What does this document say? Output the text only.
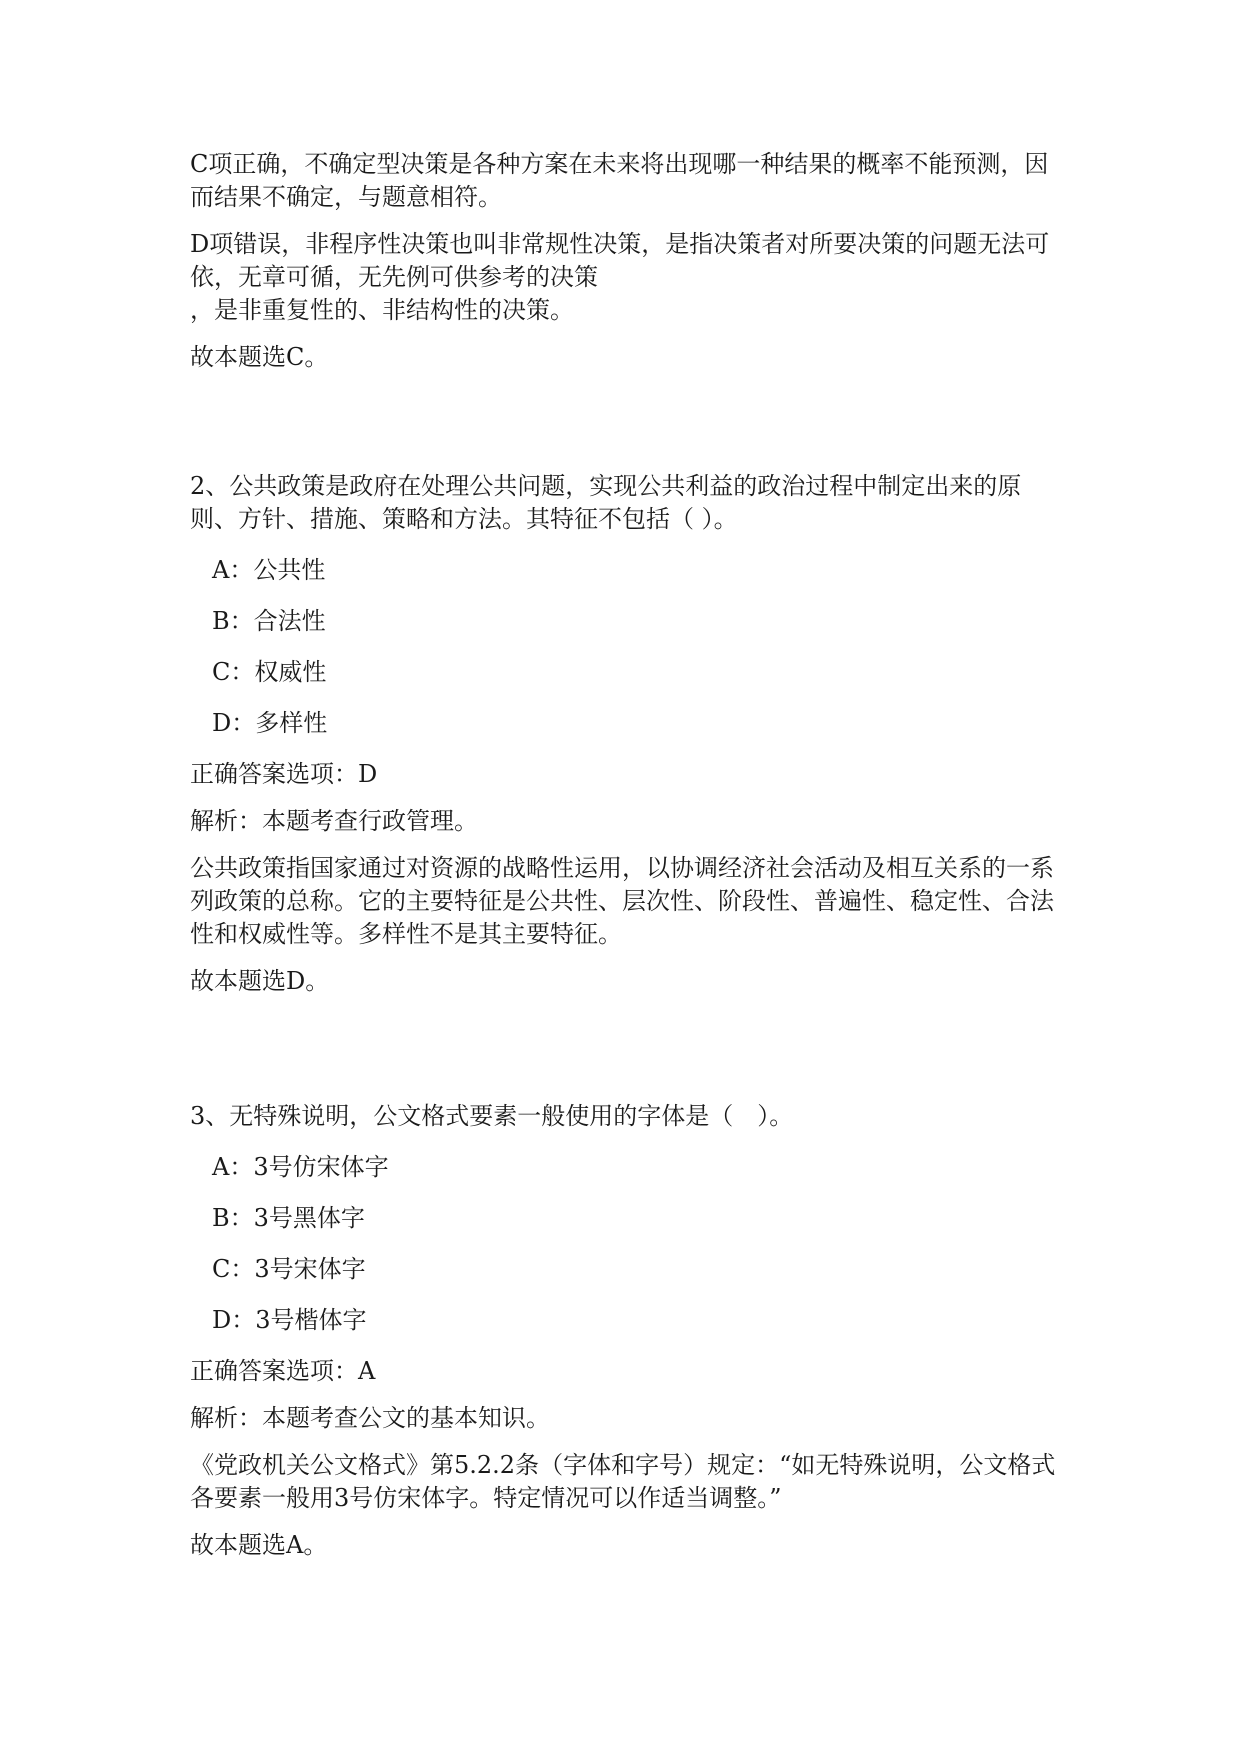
C项正确，不确定型决策是各种方案在未来将出现哪一种结果的概率不能预测，因而结果不确定，与题意相符。

D项错误，非程序性决策也叫非常规性决策，是指决策者对所要决策的问题无法可依，无章可循，无先例可供参考的决策

，是非重复性的、非结构性的决策。

故本题选C。

2、公共政策是政府在处理公共问题，实现公共利益的政治过程中制定出来的原则、方针、措施、策略和方法。其特征不包括（ ）。

A：公共性

B：合法性

C：权威性

D：多样性

正确答案选项：D

解析：本题考查行政管理。

公共政策指国家通过对资源的战略性运用，以协调经济社会活动及相互关系的一系列政策的总称。它的主要特征是公共性、层次性、阶段性、普遍性、稳定性、合法性和权威性等。多样性不是其主要特征。

故本题选D。

3、无特殊说明，公文格式要素一般使用的字体是（　）。

A：3号仿宋体字

B：3号黑体字

C：3号宋体字

D：3号楷体字

正确答案选项：A

解析：本题考查公文的基本知识。

《党政机关公文格式》第5.2.2条（字体和字号）规定：“如无特殊说明，公文格式各要素一般用3号仿宋体字。特定情况可以作适当调整。”

故本题选A。
